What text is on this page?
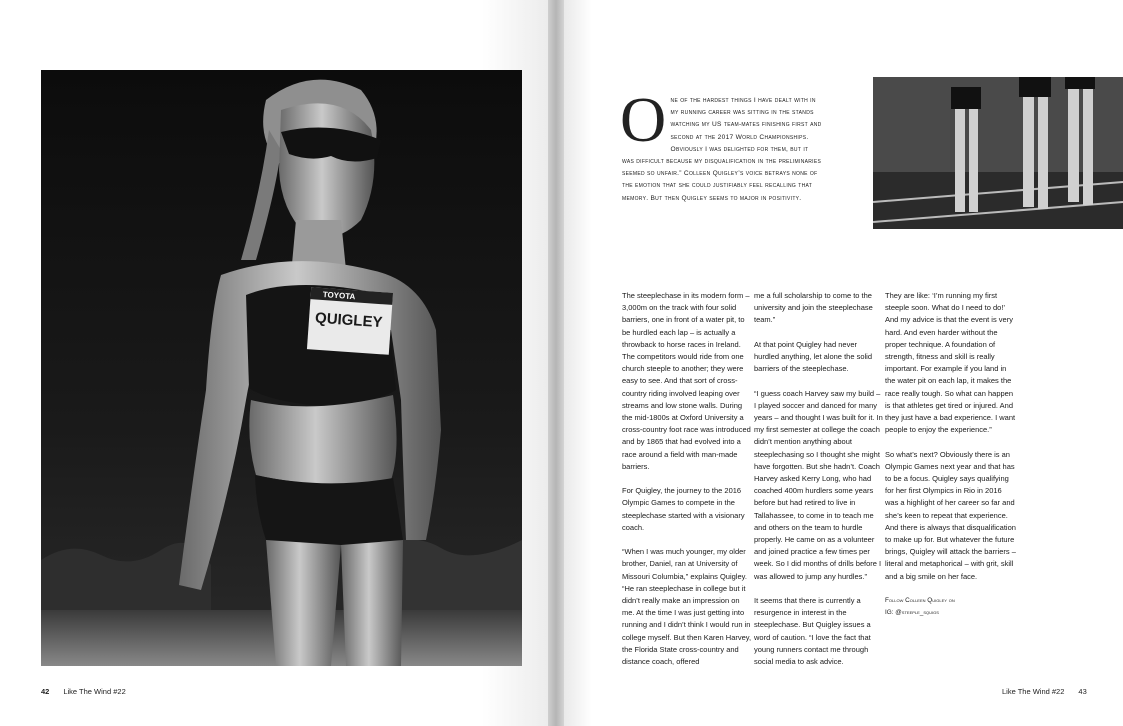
TOYOTA
QUIGLEY
42 Like The Wind #22
One of the hardest things I have dealt with in my running career was sitting in the stands watching my US team-mates finishing first and second at the 2017 World Championships. Obviously I was delighted for them, but it was difficult because my disqualification in the preliminaries seemed so unfair.” Colleen Quigley’s voice betrays none of the emotion that she could justifiably feel recalling that memory. But then Quigley seems to major in positivity.

The steeplechase in its modern form – 3,000m on the track with four solid barriers, one in front of a water pit, to be hurdled each lap – is actually a throwback to horse races in Ireland. The competitors would ride from one church steeple to another; they were easy to see. And that sort of cross-country riding involved leaping over streams and low stone walls. During the mid-1800s at Oxford University a cross-country foot race was introduced and by 1865 that had evolved into a race around a field with man-made barriers.

For Quigley, the journey to the 2016 Olympic Games to compete in the steeplechase started with a visionary coach.

“When I was much younger, my older brother, Daniel, ran at University of Missouri Columbia,” explains Quigley. “He ran steeplechase in college but it didn’t really make an impression on me. At the time I was just getting into running and I didn’t think I would run in college myself. But then Karen Harvey, the Florida State cross-country and distance coach, offered

me a full scholarship to come to the university and join the steeplechase team.”

At that point Quigley had never hurdled anything, let alone the solid barriers of the steeplechase.

“I guess coach Harvey saw my build – I played soccer and danced for many years – and thought I was built for it. In my first semester at college the coach didn’t mention anything about steeplechasing so I thought she might have forgotten. But she hadn’t. Coach Harvey asked Kerry Long, who had coached 400m hurdlers some years before but had retired to live in Tallahassee, to come in to teach me and others on the team to hurdle properly. He came on as a volunteer and joined practice a few times per week. So I did months of drills before I was allowed to jump any hurdles.”

It seems that there is currently a resurgence in interest in the steeplechase. But Quigley issues a word of caution. “I love the fact that young runners contact me through social media to ask advice.

They are like: ‘I’m running my first steeple soon. What do I need to do!’ And my advice is that the event is very hard. And even harder without the proper technique. A foundation of strength, fitness and skill is really important. For example if you land in the water pit on each lap, it makes the race really tough. So what can happen is that athletes get tired or injured. And they just have a bad experience. I want people to enjoy the experience.”

So what’s next? Obviously there is an Olympic Games next year and that has to be a focus. Quigley says qualifying for her first Olympics in Rio in 2016 was a highlight of her career so far and she’s keen to repeat that experience. And there is always that disqualification to make up for. But whatever the future brings, Quigley will attack the barriers – literal and metaphorical – with grit, skill and a big smile on her face.

Follow Colleen Quigley on
IG: @steeple_squigs
Like The Wind #22 43
